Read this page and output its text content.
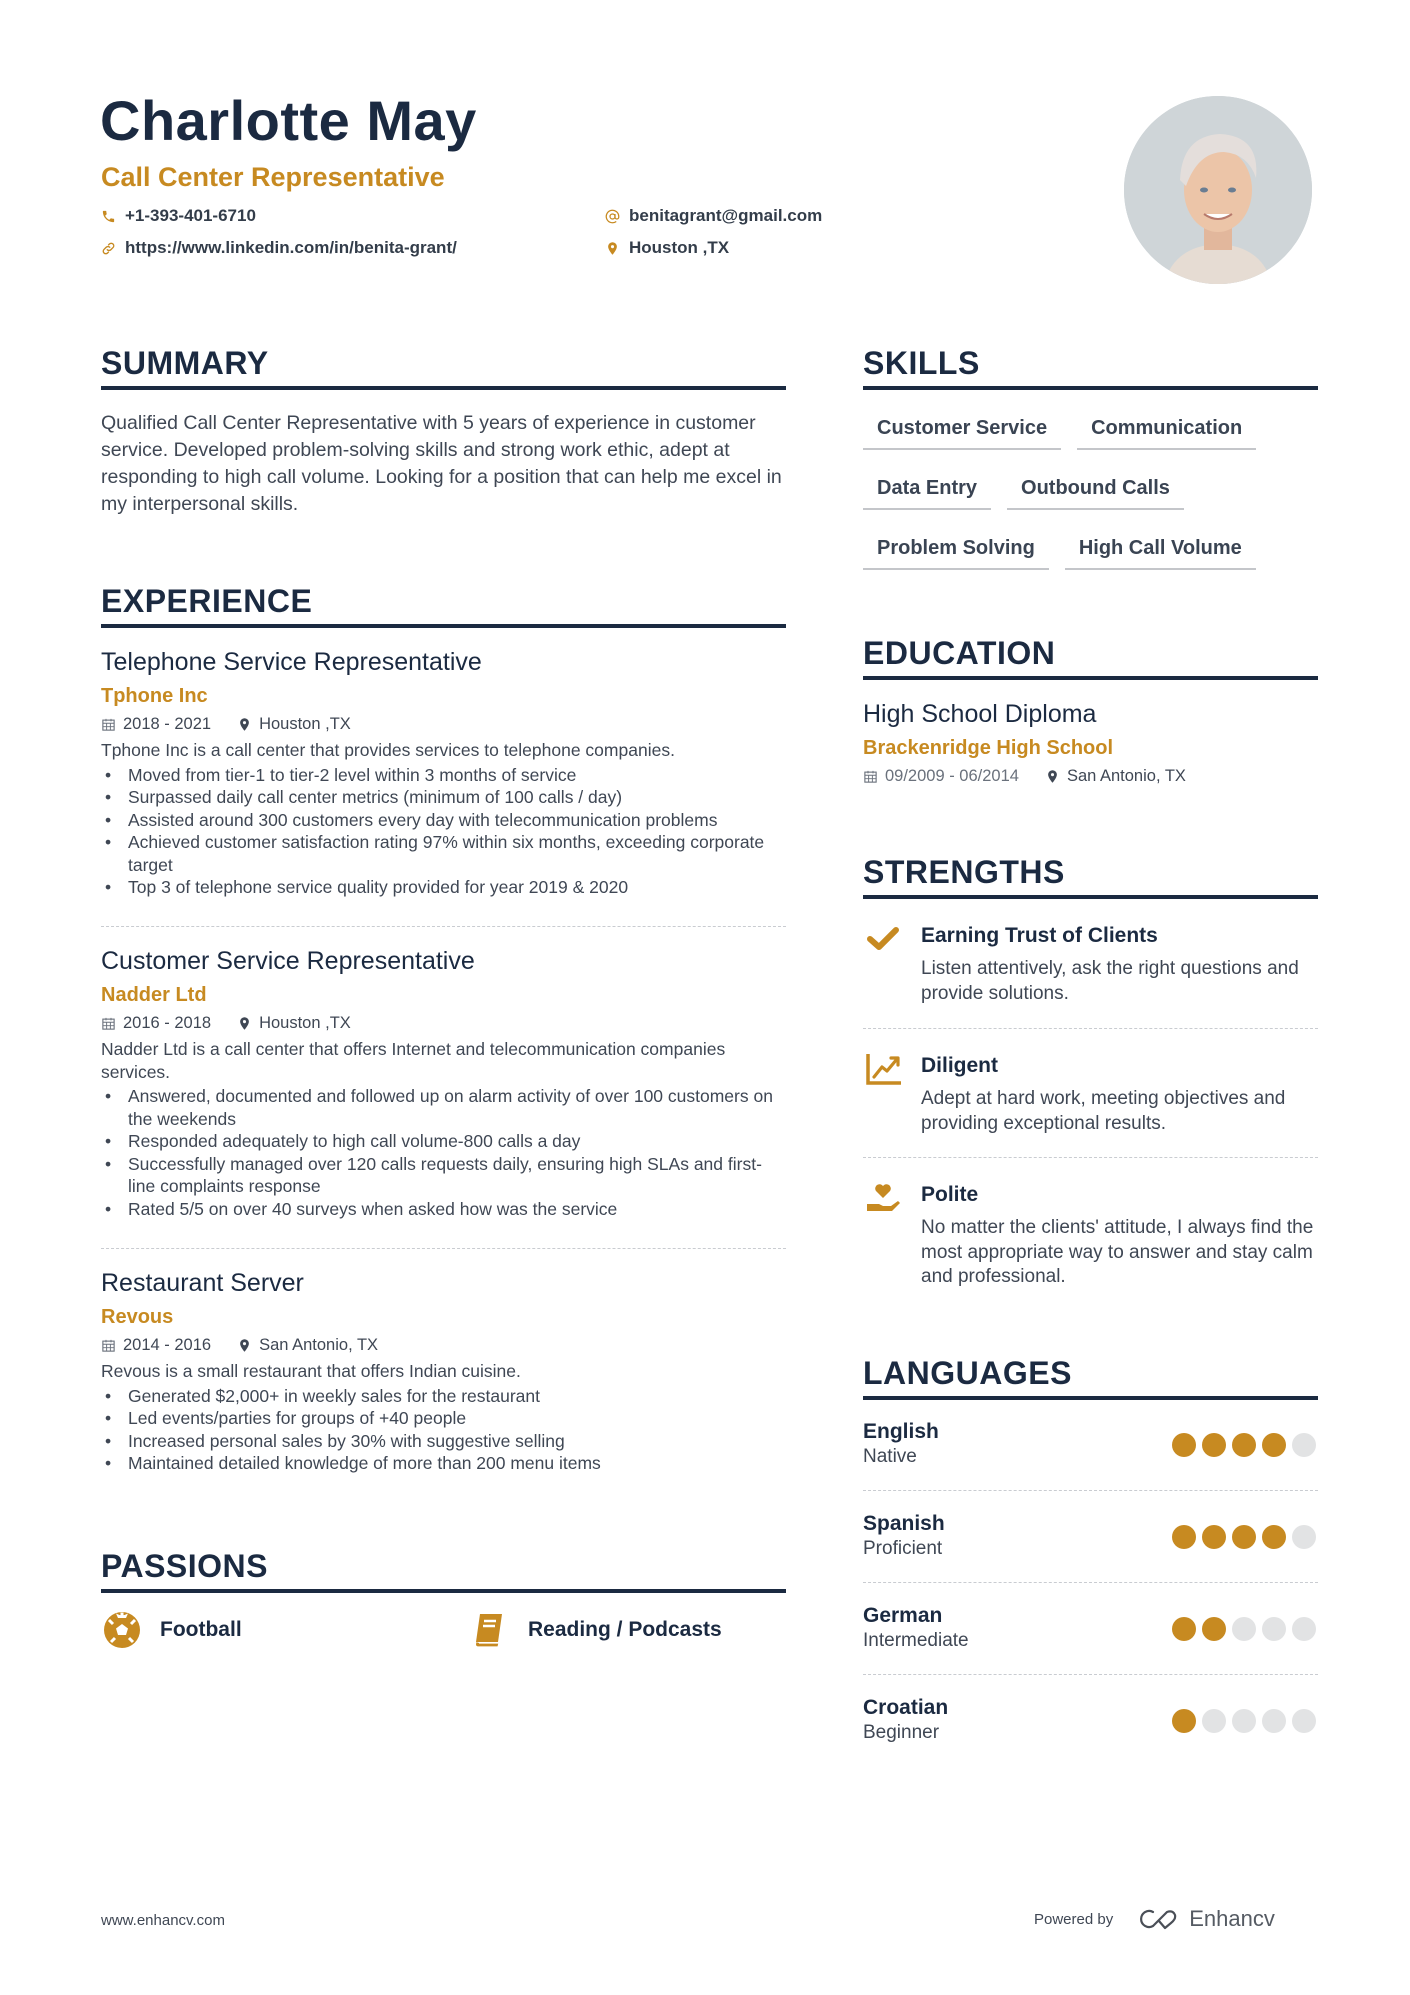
Charlotte May
Call Center Representative
+1-393-401-6710
https://www.linkedin.com/in/benita-grant/
benitagrant@gmail.com
Houston ,TX
SUMMARY
Qualified Call Center Representative with 5 years of experience in customer service. Developed problem-solving skills and strong work ethic, adept at responding to high call volume. Looking for a position that can help me excel in my interpersonal skills.
EXPERIENCE
Telephone Service Representative
Tphone Inc
2018 - 2021	Houston ,TX
Tphone Inc is a call center that provides services to telephone companies.
• Moved from tier-1 to tier-2 level within 3 months of service
• Surpassed daily call center metrics (minimum of 100 calls / day)
• Assisted around 300 customers every day with telecommunication problems
• Achieved customer satisfaction rating 97% within six months, exceeding corporate target
• Top 3 of telephone service quality provided for year 2019 & 2020
Customer Service Representative
Nadder Ltd
2016 - 2018	Houston ,TX
Nadder Ltd is a call center that offers Internet and telecommunication companies services.
• Answered, documented and followed up on alarm activity of over 100 customers on the weekends
• Responded adequately to high call volume-800 calls a day
• Successfully managed over 120 calls requests daily, ensuring high SLAs and first-line complaints response
• Rated 5/5 on over 40 surveys when asked how was the service
Restaurant Server
Revous
2014 - 2016	San Antonio, TX
Revous is a small restaurant that offers Indian cuisine.
• Generated $2,000+ in weekly sales for the restaurant
• Led events/parties for groups of +40 people
• Increased personal sales by 30% with suggestive selling
• Maintained detailed knowledge of more than 200 menu items
PASSIONS
Football	Reading / Podcasts
SKILLS
Customer Service	Communication
Data Entry	Outbound Calls
Problem Solving	High Call Volume
EDUCATION
High School Diploma
Brackenridge High School
09/2009 - 06/2014	San Antonio, TX
STRENGTHS
Earning Trust of Clients
Listen attentively, ask the right questions and provide solutions.
Diligent
Adept at hard work, meeting objectives and providing exceptional results.
Polite
No matter the clients' attitude, I always find the most appropriate way to answer and stay calm and professional.
LANGUAGES
English
Native
Spanish
Proficient
German
Intermediate
Croatian
Beginner
www.enhancv.com	Powered by	Enhancv
